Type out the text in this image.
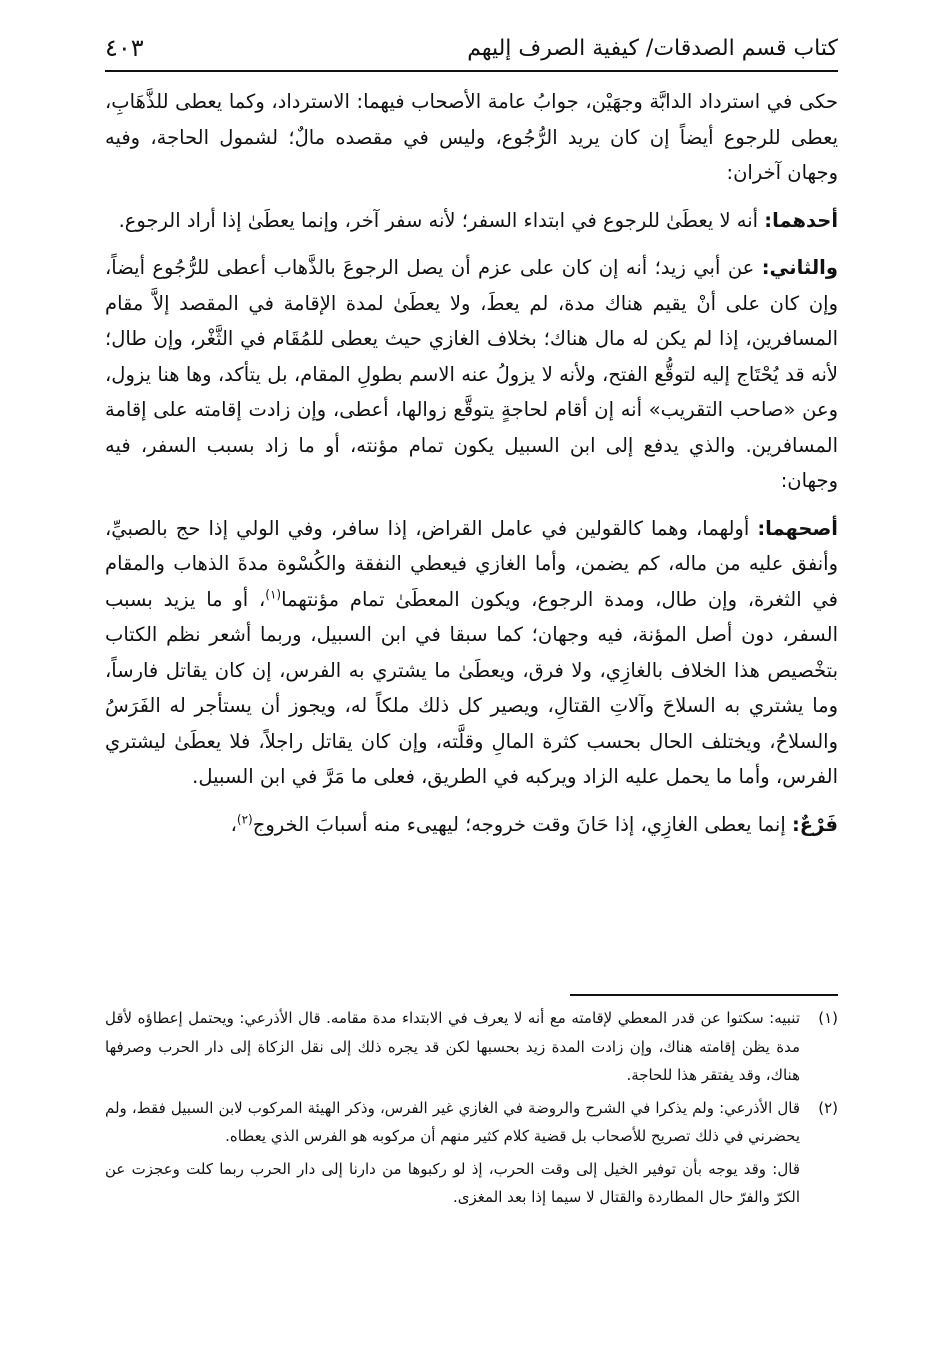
كتاب قسم الصدقات/ كيفية الصرف إليهم
٤٠٣

حكى في استرداد الدابَّة وجهَيْن، جوابُ عامة الأصحاب فيهما: الاسترداد، وكما يعطى للذَّهَابِ، يعطى للرجوع أيضاً إن كان يريد الرُّجُوع، وليس في مقصده مالٌ؛ لشمول الحاجة، وفيه وجهان آخران:

أحدهما: أنه لا يعطَىٰ للرجوع في ابتداء السفر؛ لأنه سفر آخر، وإنما يعطَىٰ إذا أراد الرجوع.

والثاني: عن أبي زيد؛ أنه إن كان على عزم أن يصل الرجوعَ بالذَّهاب أعطى للرُّجُوع أيضاً، وإن كان على أنْ يقيم هناك مدة، لم يعطَ، ولا يعطَىٰ لمدة الإقامة في المقصد إلاَّ مقام المسافرين، إذا لم يكن له مال هناك؛ بخلاف الغازي حيث يعطى للمُقَام في الثَّغْر، وإن طال؛ لأنه قد يُحْتَاج إليه لتوقُّع الفتح، ولأنه لا يزولُ عنه الاسم بطولِ المقام، بل يتأكد، وها هنا يزول، وعن «صاحب التقريب» أنه إن أقام لحاجةٍ يتوقَّع زوالها، أعطى، وإن زادت إقامته على إقامة المسافرين. والذي يدفع إلى ابن السبيل يكون تمام مؤنته، أو ما زاد بسبب السفر، فيه وجهان:

أصحهما: أولهما، وهما كالقولين في عامل القراض، إذا سافر، وفي الولي إذا حج بالصبيِّ، وأنفق عليه من ماله، كم يضمن، وأما الغازي فيعطي النفقة والكُسْوة مدةَ الذهاب والمقام في الثغرة، وإن طال، ومدة الرجوع، ويكون المعطَىٰ تمام مؤنتهما$^{(١)}$، أو ما يزيد بسبب السفر، دون أصل المؤنة، فيه وجهان؛ كما سبقا في ابن السبيل، وربما أشعر نظم الكتاب بتخْصيص هذا الخلاف بالغازِي، ولا فرق، ويعطَىٰ ما يشتري به الفرس، إن كان يقاتل فارساً، وما يشتري به السلاحَ وآلاتِ القتالِ، ويصير كل ذلك ملكاً له، ويجوز أن يستأجر له الفَرَسُ والسلاحُ، ويختلف الحال بحسب كثرة المالِ وقلَّته، وإن كان يقاتل راجلاً، فلا يعطَىٰ ليشتري الفرس، وأما ما يحمل عليه الزاد ويركبه في الطريق، فعلى ما مَرَّ في ابن السبيل.

فَرْعٌ: إنما يعطى الغازِي، إذا حَانَ وقت خروجه؛ ليهيىء منه أسبابَ الخروج$^{(٢)}$،

(١)

تنبيه: سكتوا عن قدر المعطي لإقامته مع أنه لا يعرف في الابتداء مدة مقامه. قال الأذرعي: ويحتمل إعطاؤه لأقل مدة يظن إقامته هناك، وإن زادت المدة زيد بحسبها لكن قد يجره ذلك إلى نقل الزكاة إلى دار الحرب وصرفها هناك، وقد يفتقر هذا للحاجة.

(٢)

قال الأذرعي: ولم يذكرا في الشرح والروضة في الغازي غير الفرس، وذكر الهيئة المركوب لابن السبيل فقط، ولم يحضرني في ذلك تصريح للأصحاب بل قضية كلام كثير منهم أن مركوبه هو الفرس الذي يعطاه.

قال: وقد يوجه بأن توفير الخيل إلى وقت الحرب، إذ لو ركبوها من دارنا إلى دار الحرب ربما كلت وعجزت عن الكرّ والفرّ حال المطاردة والقتال لا سيما إذا بعد المغزى.
